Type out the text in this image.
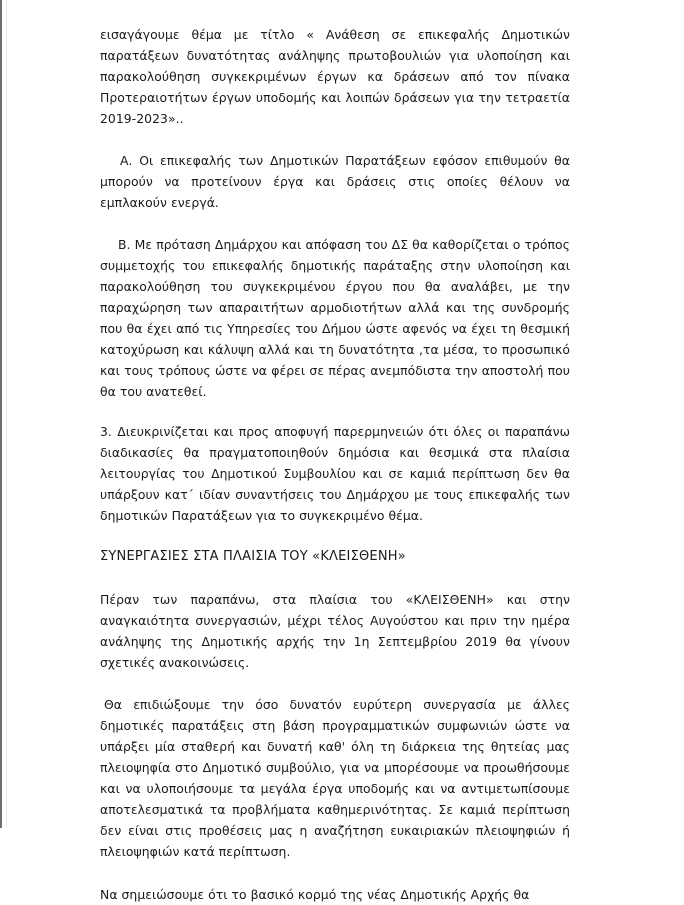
εισαγάγουμε θέμα με τίτλο « Ανάθεση σε επικεφαλής Δημοτικών παρατάξεων δυνατότητας ανάληψης πρωτοβουλιών για υλοποίηση και παρακολούθηση συγκεκριμένων έργων κα δράσεων από τον πίνακα Προτεραιοτήτων έργων υποδομής και λοιπών δράσεων για την τετραετία 2019-2023»..

Α. Οι επικεφαλής των Δημοτικών Παρατάξεων εφόσον επιθυμούν θα μπορούν να προτείνουν έργα και δράσεις στις οποίες θέλουν να εμπλακούν ενεργά.

Β. Με πρόταση Δημάρχου και απόφαση του ΔΣ θα καθορίζεται ο τρόπος συμμετοχής του επικεφαλής δημοτικής παράταξης στην υλοποίηση και παρακολούθηση του συγκεκριμένου έργου που θα αναλάβει, με την παραχώρηση των απαραιτήτων αρμοδιοτήτων αλλά και της συνδρομής που θα έχει από τις Υπηρεσίες του Δήμου ώστε αφενός να έχει τη θεσμική κατοχύρωση και κάλυψη αλλά και τη δυνατότητα ,τα μέσα, το προσωπικό και τους τρόπους ώστε να φέρει σε πέρας ανεμπόδιστα την αποστολή που θα του ανατεθεί.

3. Διευκρινίζεται και προς αποφυγή παρερμηνειών ότι όλες οι παραπάνω διαδικασίες θα πραγματοποιηθούν δημόσια και θεσμικά στα πλαίσια λειτουργίας του Δημοτικού Συμβουλίου και σε καμιά περίπτωση δεν θα υπάρξουν κατ΄ ιδίαν συναντήσεις του Δημάρχου με τους επικεφαλής των δημοτικών Παρατάξεων για το συγκεκριμένο θέμα.

ΣΥΝΕΡΓΑΣΙΕΣ ΣΤΑ ΠΛΑΙΣΙΑ ΤΟΥ «ΚΛΕΙΣΘΕΝΗ»

Πέραν των παραπάνω, στα πλαίσια του «ΚΛΕΙΣΘΕΝΗ» και στην αναγκαιότητα συνεργασιών, μέχρι τέλος Αυγούστου και πριν την ημέρα ανάληψης της Δημοτικής αρχής την 1η Σεπτεμβρίου 2019 θα γίνουν σχετικές ανακοινώσεις.

Θα επιδιώξουμε την όσο δυνατόν ευρύτερη συνεργασία με άλλες δημοτικές παρατάξεις στη βάση προγραμματικών συμφωνιών ώστε να υπάρξει μία σταθερή και δυνατή καθ' όλη τη διάρκεια της θητείας μας πλειοψηφία στο Δημοτικό συμβούλιο, για να μπορέσουμε να προωθήσουμε και να υλοποιήσουμε τα μεγάλα έργα υποδομής και να αντιμετωπίσουμε αποτελεσματικά τα προβλήματα καθημερινότητας. Σε καμιά περίπτωση δεν είναι στις προθέσεις μας η αναζήτηση ευκαιριακών πλειοψηφιών ή πλειοψηφιών κατά περίπτωση.

Να σημειώσουμε ότι το βασικό κορμό της νέας Δημοτικής Αρχής θα
